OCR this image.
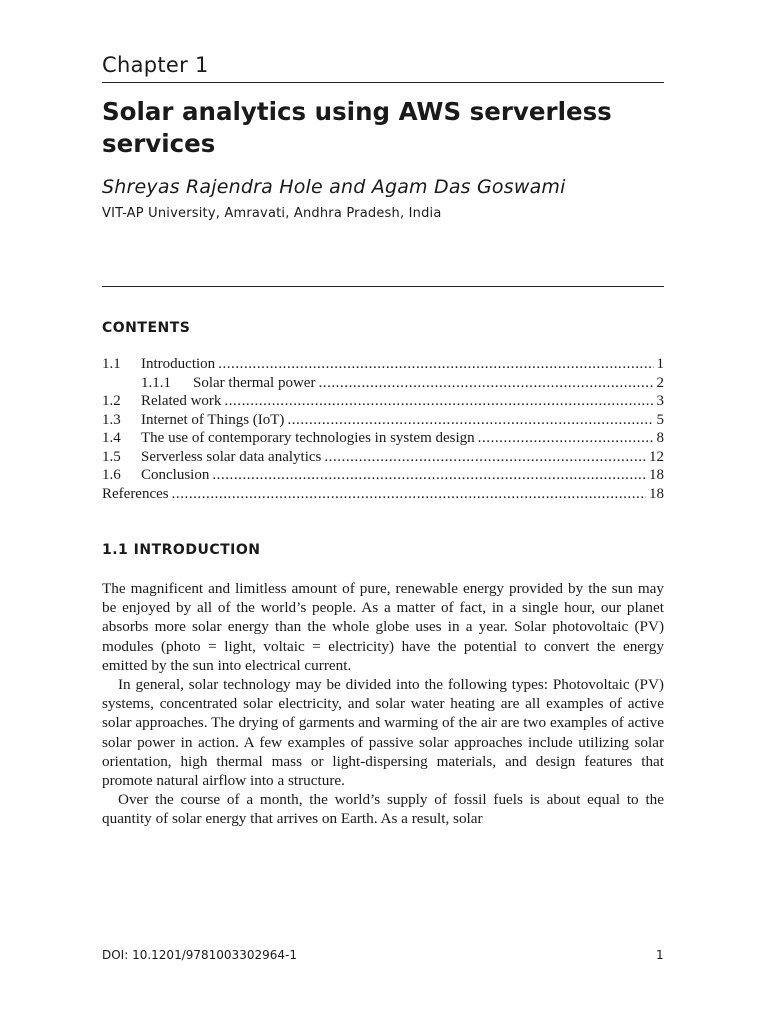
Chapter 1
Solar analytics using AWS serverless services
Shreyas Rajendra Hole and Agam Das Goswami
VIT-AP University, Amravati, Andhra Pradesh, India
CONTENTS
1.1	Introduction . . .	1
1.1.1	Solar thermal power . . .	2
1.2	Related work . . .	3
1.3	Internet of Things (IoT) . . .	5
1.4	The use of contemporary technologies in system design . . .	8
1.5	Serverless solar data analytics . . .	12
1.6	Conclusion . . .	18
References . . .	18
1.1 INTRODUCTION

The magnificent and limitless amount of pure, renewable energy provided by the sun may be enjoyed by all of the world’s people. As a matter of fact, in a single hour, our planet absorbs more solar energy than the whole globe uses in a year. Solar photovoltaic (PV) modules (photo = light, voltaic = electricity) have the potential to convert the energy emitted by the sun into electrical current.

In general, solar technology may be divided into the following types: Photovoltaic (PV) systems, concentrated solar electricity, and solar water heating are all examples of active solar approaches. The drying of garments and warming of the air are two examples of active solar power in action. A few examples of passive solar approaches include utilizing solar orientation, high thermal mass or light-dispersing materials, and design features that promote natural airflow into a structure.

Over the course of a month, the world’s supply of fossil fuels is about equal to the quantity of solar energy that arrives on Earth. As a result, solar

DOI: 10.1201/9781003302964-1	1
